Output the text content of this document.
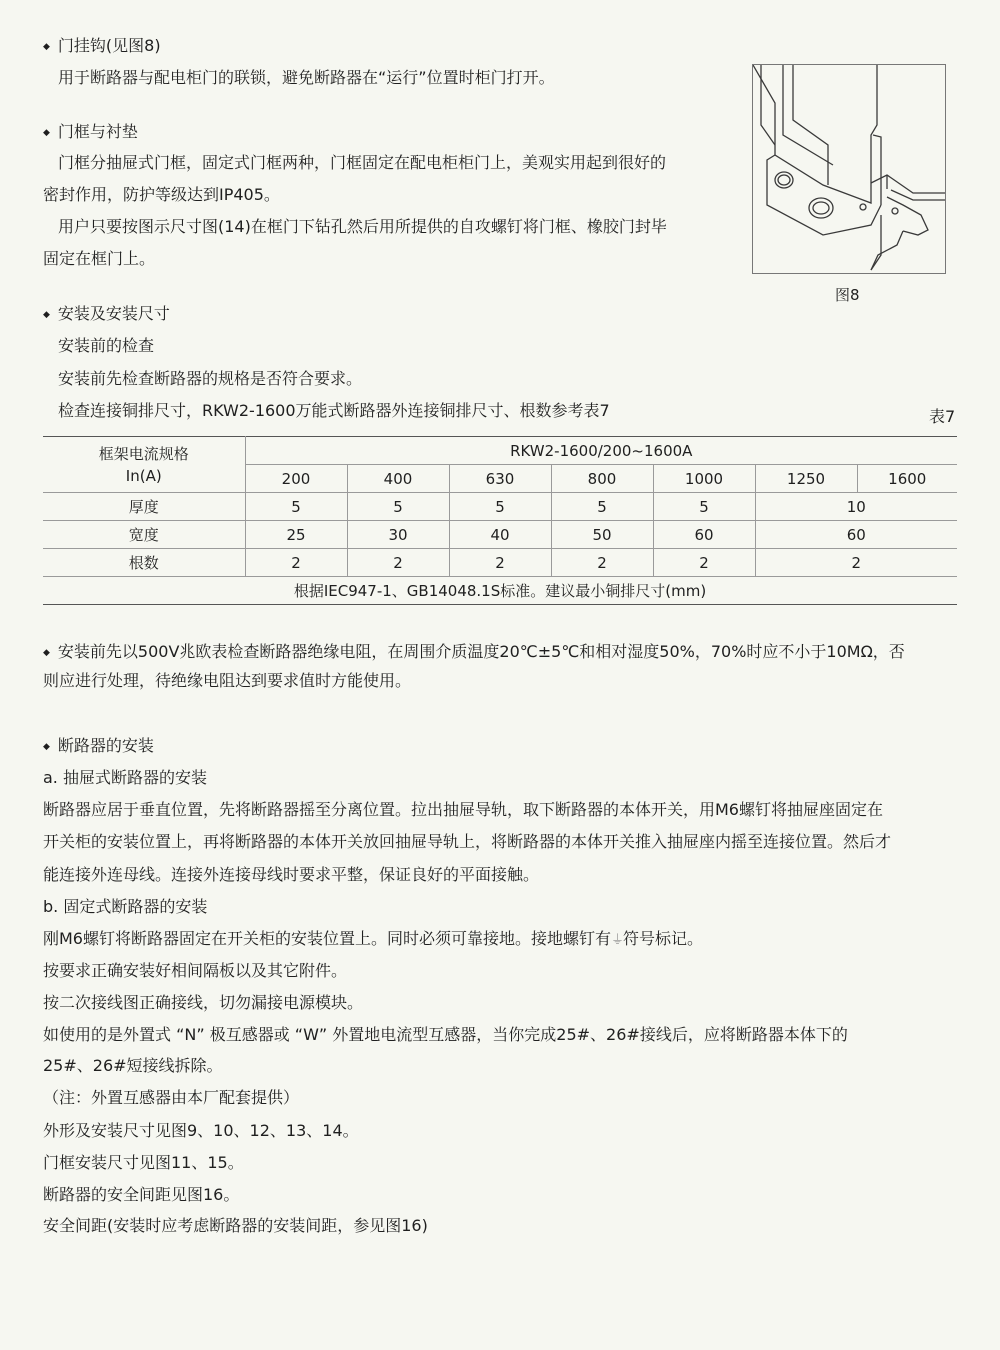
◆ 门挂钩(见图8)
用于断路器与配电柜门的联锁，避免断路器在“运行”位置时柜门打开。
◆ 门框与衬垫
门框分抽屉式门框，固定式门框两种，门框固定在配电柜柜门上，美观实用起到很好的
密封作用，防护等级达到IP405。
用户只要按图示尺寸图(14)在框门下钻孔然后用所提供的自攻螺钉将门框、橡胶门封毕
固定在框门上。
图8
◆ 安装及安装尺寸
安装前的检查
安装前先检查断路器的规格是否符合要求。
检查连接铜排尺寸，RKW2-1600万能式断路器外连接铜排尺寸、根数参考表7	表7
框架电流规格
In(A)	RKW2-1600/200~1600A						
	200	400	630	800	1000	1250	1600
厚度	5	5	5	5	5	10	
宽度	25	30	40	50	60	60	
根数	2	2	2	2	2	2	
根据IEC947-1、GB14048.1S标准。建议最小铜排尺寸(mm)							
◆ 安装前先以500V兆欧表检查断路器绝缘电阻，在周围介质温度20℃±5℃和相对湿度50%，70%时应不小于10MΩ，否
则应进行处理，待绝缘电阻达到要求值时方能使用。
◆ 断路器的安装
a. 抽屉式断路器的安装
断路器应居于垂直位置，先将断路器摇至分离位置。拉出抽屉导轨，取下断路器的本体开关，用M6螺钉将抽屉座固定在
开关柜的安装位置上，再将断路器的本体开关放回抽屉导轨上，将断路器的本体开关推入抽屉座内摇至连接位置。然后才
能连接外连母线。连接外连接母线时要求平整，保证良好的平面接触。
b. 固定式断路器的安装
刚M6螺钉将断路器固定在开关柜的安装位置上。同时必须可靠接地。接地螺钉有⏚符号标记。
按要求正确安装好相间隔板以及其它附件。
按二次接线图正确接线，切勿漏接电源模块。
如使用的是外置式 “N” 极互感器或 “W” 外置地电流型互感器，当你完成25#、26#接线后，应将断路器本体下的
25#、26#短接线拆除。
（注：外置互感器由本厂配套提供）
外形及安装尺寸见图9、10、12、13、14。
门框安装尺寸见图11、15。
断路器的安全间距见图16。
安全间距(安装时应考虑断路器的安装间距，参见图16)
